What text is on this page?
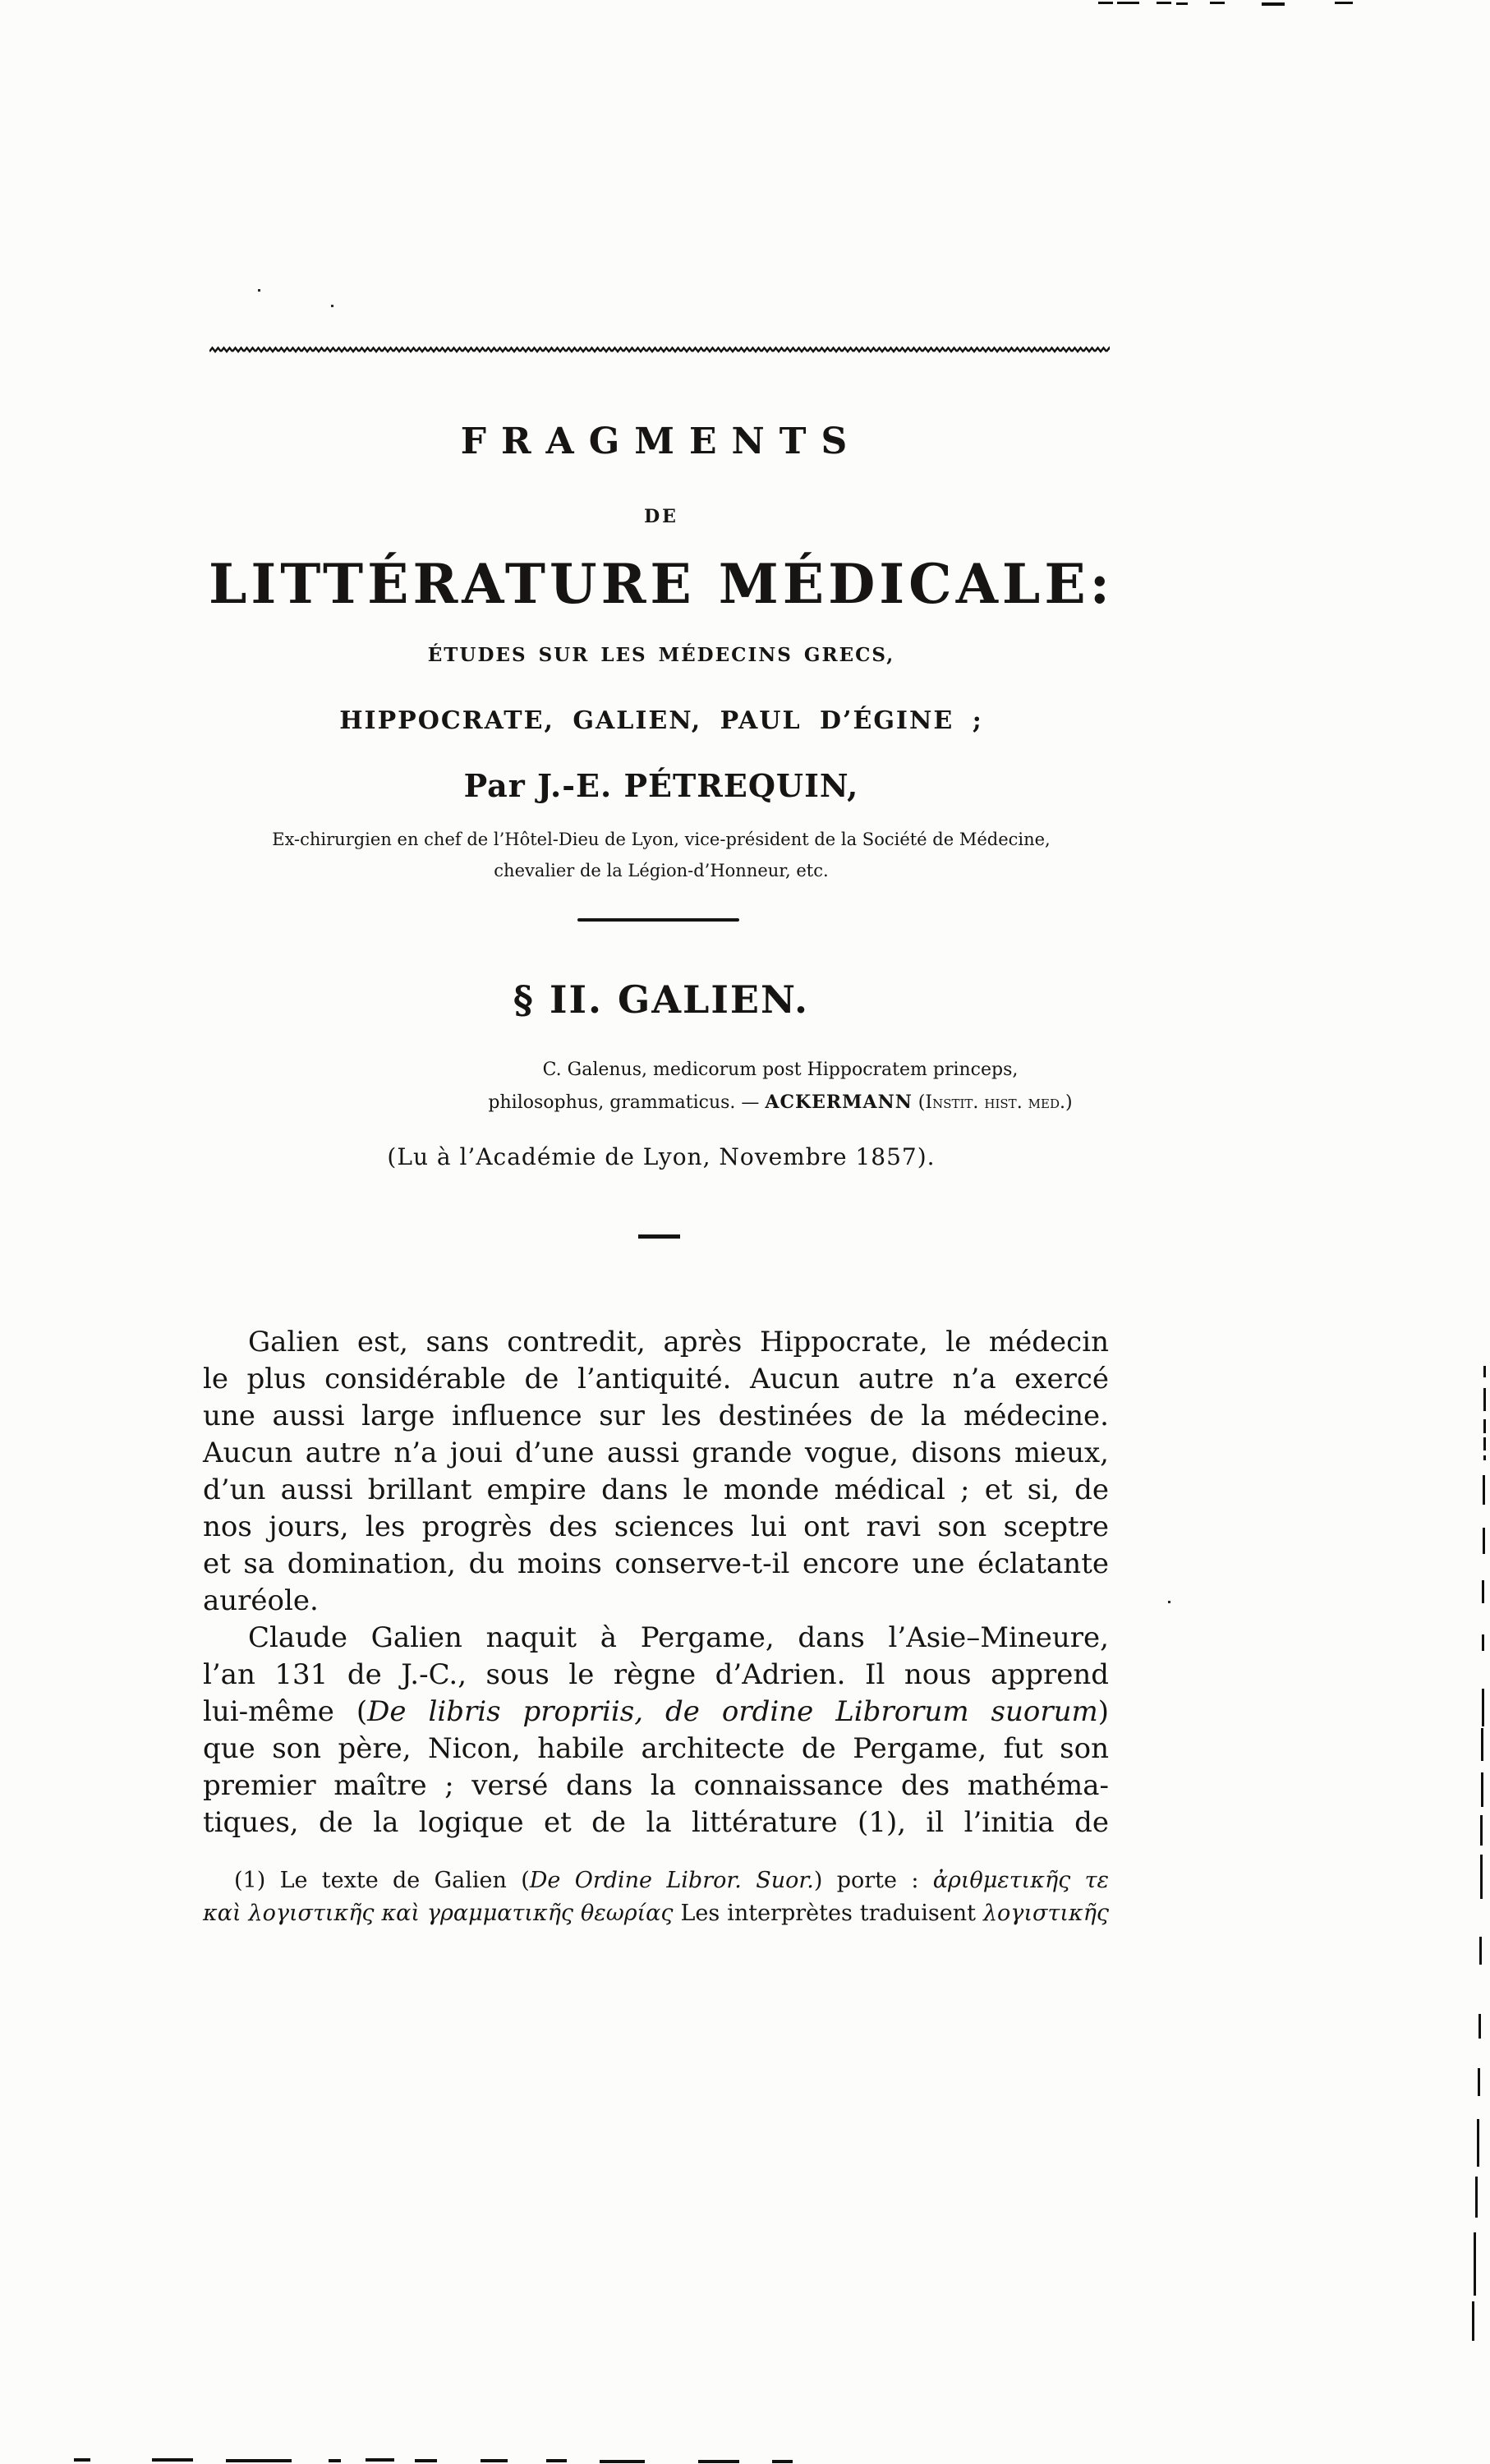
FRAGMENTS
DE
LITTÉRATURE MÉDICALE:
ÉTUDES SUR LES MÉDECINS GRECS,
HIPPOCRATE, GALIEN, PAUL D’ÉGINE ;
Par J.-E. PÉTREQUIN,
Ex-chirurgien en chef de l’Hôtel-Dieu de Lyon, vice-président de la Société de Médecine,
chevalier de la Légion-d’Honneur, etc.
§ II. GALIEN.
C. Galenus, medicorum post Hippocratem princeps,
philosophus, grammaticus. — ACKERMANN (Instit. hist. med.)
(Lu à l’Académie de Lyon, Novembre 1857).
Galien est, sans contredit, après Hippocrate, le médecin
le plus considérable de l’antiquité. Aucun autre n’a exercé
une aussi large influence sur les destinées de la médecine.
Aucun autre n’a joui d’une aussi grande vogue, disons mieux,
d’un aussi brillant empire dans le monde médical ; et si, de
nos jours, les progrès des sciences lui ont ravi son sceptre
et sa domination, du moins conserve-t-il encore une éclatante
auréole.
Claude Galien naquit à Pergame, dans l’Asie–Mineure,
l’an 131 de J.-C., sous le règne d’Adrien. Il nous apprend
lui-même (De libris propriis, de ordine Librorum suorum)
que son père, Nicon, habile architecte de Pergame, fut son
premier maître ; versé dans la connaissance des mathéma-
tiques, de la logique et de la littérature (1), il l’initia de
(1) Le texte de Galien (De Ordine Libror. Suor.) porte : ἀριθμετικῆς τε
καὶ λογιστικῆς καὶ γραμματικῆς θεωρίας Les interprètes traduisent λογιστικῆς
